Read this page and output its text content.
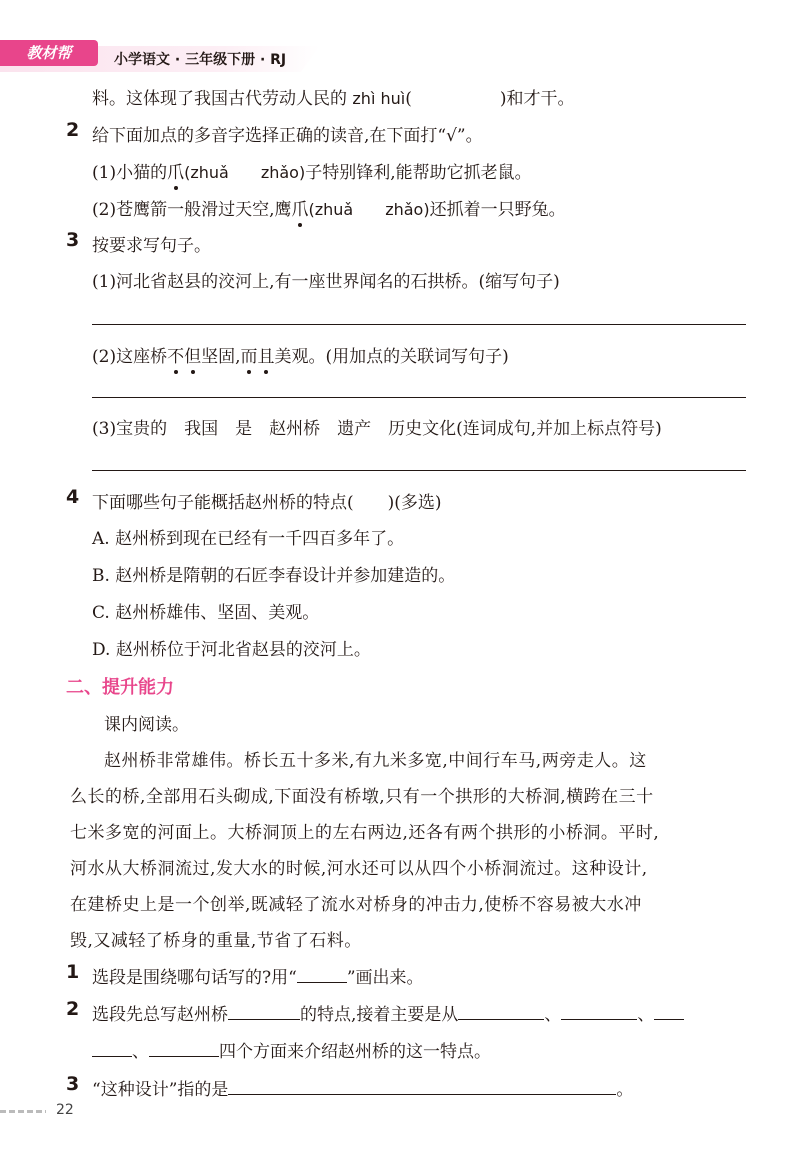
教材帮	小学语文 · 三年级下册 · RJ
料。这体现了我国古代劳动人民的 zhì huì(	)和才干。
2 给下面加点的多音字选择正确的读音,在下面打“√”。
(1)小猫的爪(zhuǎ　　zhǎo)子特别锋利,能帮助它抓老鼠。
(2)苍鹰箭一般滑过天空,鹰爪(zhuǎ　　zhǎo)还抓着一只野兔。
3 按要求写句子。
(1)河北省赵县的洨河上,有一座世界闻名的石拱桥。(缩写句子)
(2)这座桥不但坚固,而且美观。(用加点的关联词写句子)
(3)宝贵的　我国　是　赵州桥　遗产　历史文化(连词成句,并加上标点符号)
4 下面哪些句子能概括赵州桥的特点(　　)(多选)
A. 赵州桥到现在已经有一千四百多年了。
B. 赵州桥是隋朝的石匠李春设计并参加建造的。
C. 赵州桥雄伟、坚固、美观。
D. 赵州桥位于河北省赵县的洨河上。
二、提升能力
课内阅读。
赵州桥非常雄伟。桥长五十多米,有九米多宽,中间行车马,两旁走人。这
么长的桥,全部用石头砌成,下面没有桥墩,只有一个拱形的大桥洞,横跨在三十
七米多宽的河面上。大桥洞顶上的左右两边,还各有两个拱形的小桥洞。平时,
河水从大桥洞流过,发大水的时候,河水还可以从四个小桥洞流过。这种设计,
在建桥史上是一个创举,既减轻了流水对桥身的冲击力,使桥不容易被大水冲
毁,又减轻了桥身的重量,节省了石料。
1 选段是围绕哪句话写的?用“	”画出来。
2 选段先总写赵州桥	的特点,接着主要是从	、	、
、	四个方面来介绍赵州桥的这一特点。
3 “这种设计”指的是	。
22
